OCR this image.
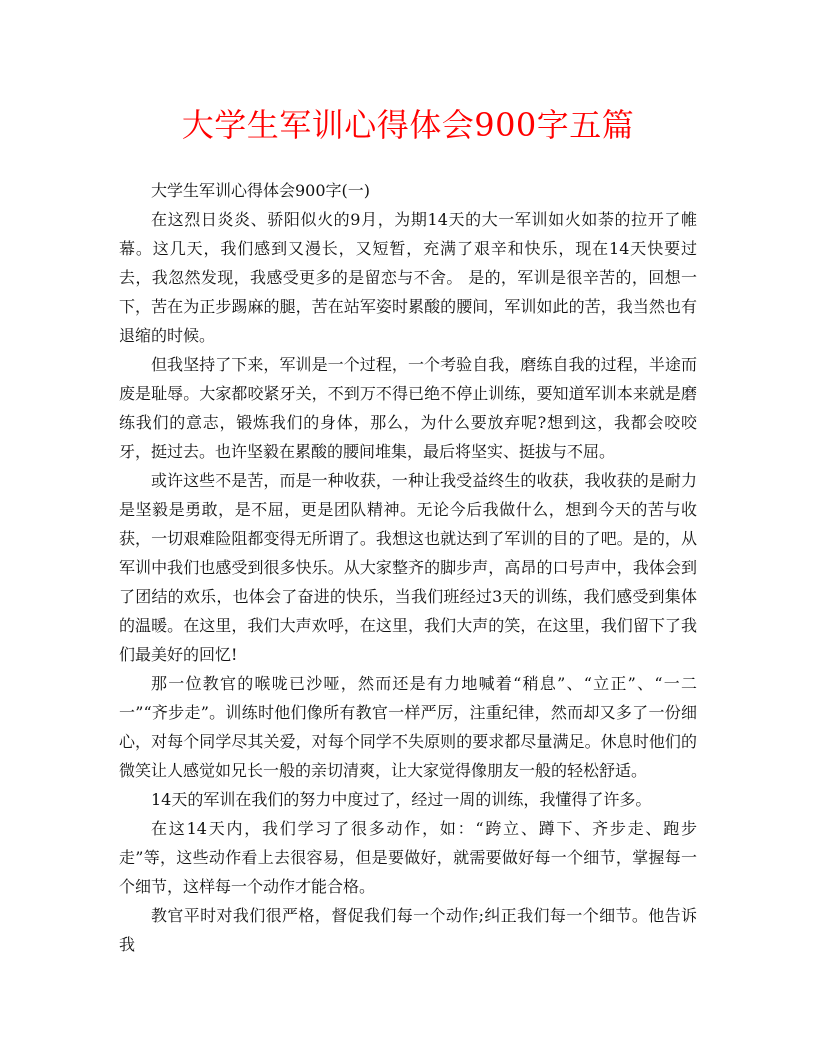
大学生军训心得体会900字五篇

大学生军训心得体会900字(一)

在这烈日炎炎、骄阳似火的9月，为期14天的大一军训如火如荼的拉开了帷幕。这几天，我们感到又漫长，又短暂，充满了艰辛和快乐，现在14天快要过去，我忽然发现，我感受更多的是留恋与不舍。 是的，军训是很辛苦的，回想一下，苦在为正步踢麻的腿，苦在站军姿时累酸的腰间，军训如此的苦，我当然也有退缩的时候。

但我坚持了下来，军训是一个过程，一个考验自我，磨练自我的过程，半途而废是耻辱。大家都咬紧牙关，不到万不得已绝不停止训练，要知道军训本来就是磨练我们的意志，锻炼我们的身体，那么，为什么要放弃呢?想到这，我都会咬咬牙，挺过去。也许坚毅在累酸的腰间堆集，最后将坚实、挺拔与不屈。

或许这些不是苦，而是一种收获，一种让我受益终生的收获，我收获的是耐力是坚毅是勇敢，是不屈，更是团队精神。无论今后我做什么，想到今天的苦与收获，一切艰难险阻都变得无所谓了。我想这也就达到了军训的目的了吧。是的，从军训中我们也感受到很多快乐。从大家整齐的脚步声，高昂的口号声中，我体会到了团结的欢乐，也体会了奋进的快乐，当我们班经过3天的训练，我们感受到集体的温暖。在这里，我们大声欢呼，在这里，我们大声的笑，在这里，我们留下了我们最美好的回忆!

那一位教官的喉咙已沙哑，然而还是有力地喊着“稍息”、“立正”、“一二一”“齐步走”。训练时他们像所有教官一样严厉，注重纪律，然而却又多了一份细心，对每个同学尽其关爱，对每个同学不失原则的要求都尽量满足。休息时他们的微笑让人感觉如兄长一般的亲切清爽，让大家觉得像朋友一般的轻松舒适。

14天的军训在我们的努力中度过了，经过一周的训练，我懂得了许多。

在这14天内，我们学习了很多动作，如：“跨立、蹲下、齐步走、跑步走”等，这些动作看上去很容易，但是要做好，就需要做好每一个细节，掌握每一个细节，这样每一个动作才能合格。

教官平时对我们很严格，督促我们每一个动作;纠正我们每一个细节。他告诉我
